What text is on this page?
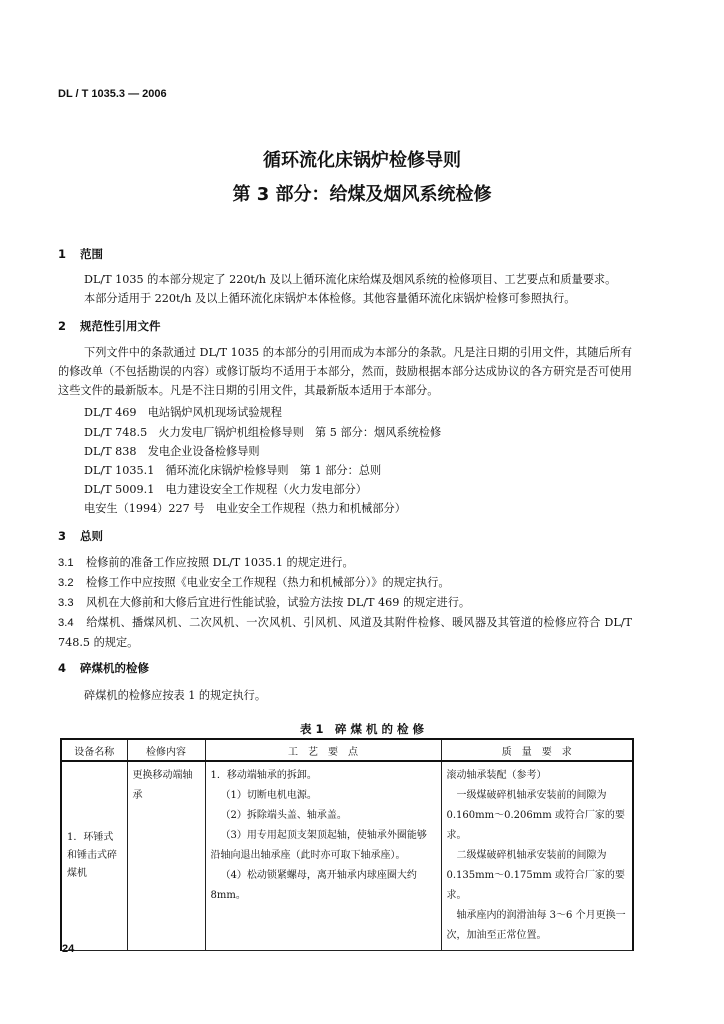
DL / T 1035.3 — 2006
循环流化床锅炉检修导则
第 3 部分：给煤及烟风系统检修
1 范围
DL/T 1035 的本部分规定了 220t/h 及以上循环流化床给煤及烟风系统的检修项目、工艺要点和质量要求。
本部分适用于 220t/h 及以上循环流化床锅炉本体检修。其他容量循环流化床锅炉检修可参照执行。
2 规范性引用文件
下列文件中的条款通过 DL/T 1035 的本部分的引用而成为本部分的条款。凡是注日期的引用文件，其随后所有的修改单（不包括勘误的内容）或修订版均不适用于本部分，然而，鼓励根据本部分达成协议的各方研究是否可使用这些文件的最新版本。凡是不注日期的引用文件，其最新版本适用于本部分。
DL/T 469　电站锅炉风机现场试验规程
DL/T 748.5　火力发电厂锅炉机组检修导则　第 5 部分：烟风系统检修
DL/T 838　发电企业设备检修导则
DL/T 1035.1　循环流化床锅炉检修导则　第 1 部分：总则
DL/T 5009.1　电力建设安全工作规程（火力发电部分）
电安生（1994）227 号　电业安全工作规程（热力和机械部分）
3 总则
3.1 检修前的准备工作应按照 DL/T 1035.1 的规定进行。
3.2 检修工作中应按照《电业安全工作规程（热力和机械部分）》的规定执行。
3.3 风机在大修前和大修后宜进行性能试验，试验方法按 DL/T 469 的规定进行。
3.4 给煤机、播煤风机、二次风机、一次风机、引风机、风道及其附件检修、暖风器及其管道的检修应符合 DL/T 748.5 的规定。
4 碎煤机的检修
碎煤机的检修应按表 1 的规定执行。
表 1　碎 煤 机 的 检 修
设备名称	检修内容	工　艺　要　点	质　量　要　求
1．环锤式和锤击式碎煤机	更换移动端轴承	1．移动端轴承的拆卸。
（1）切断电机电源。
（2）拆除端头盖、轴承盖。
（3）用专用起顶支架顶起轴，使轴承外圈能够沿轴向退出轴承座（此时亦可取下轴承座）。
（4）松动锁紧螺母，离开轴承内球座圈大约 8mm。	滚动轴承装配（参考）
一级煤破碎机轴承安装前的间隙为 0.160mm～0.206mm 或符合厂家的要求。
二级煤破碎机轴承安装前的间隙为 0.135mm～0.175mm 或符合厂家的要求。
轴承座内的润滑油每 3～6 个月更换一次，加油至正常位置。
24
